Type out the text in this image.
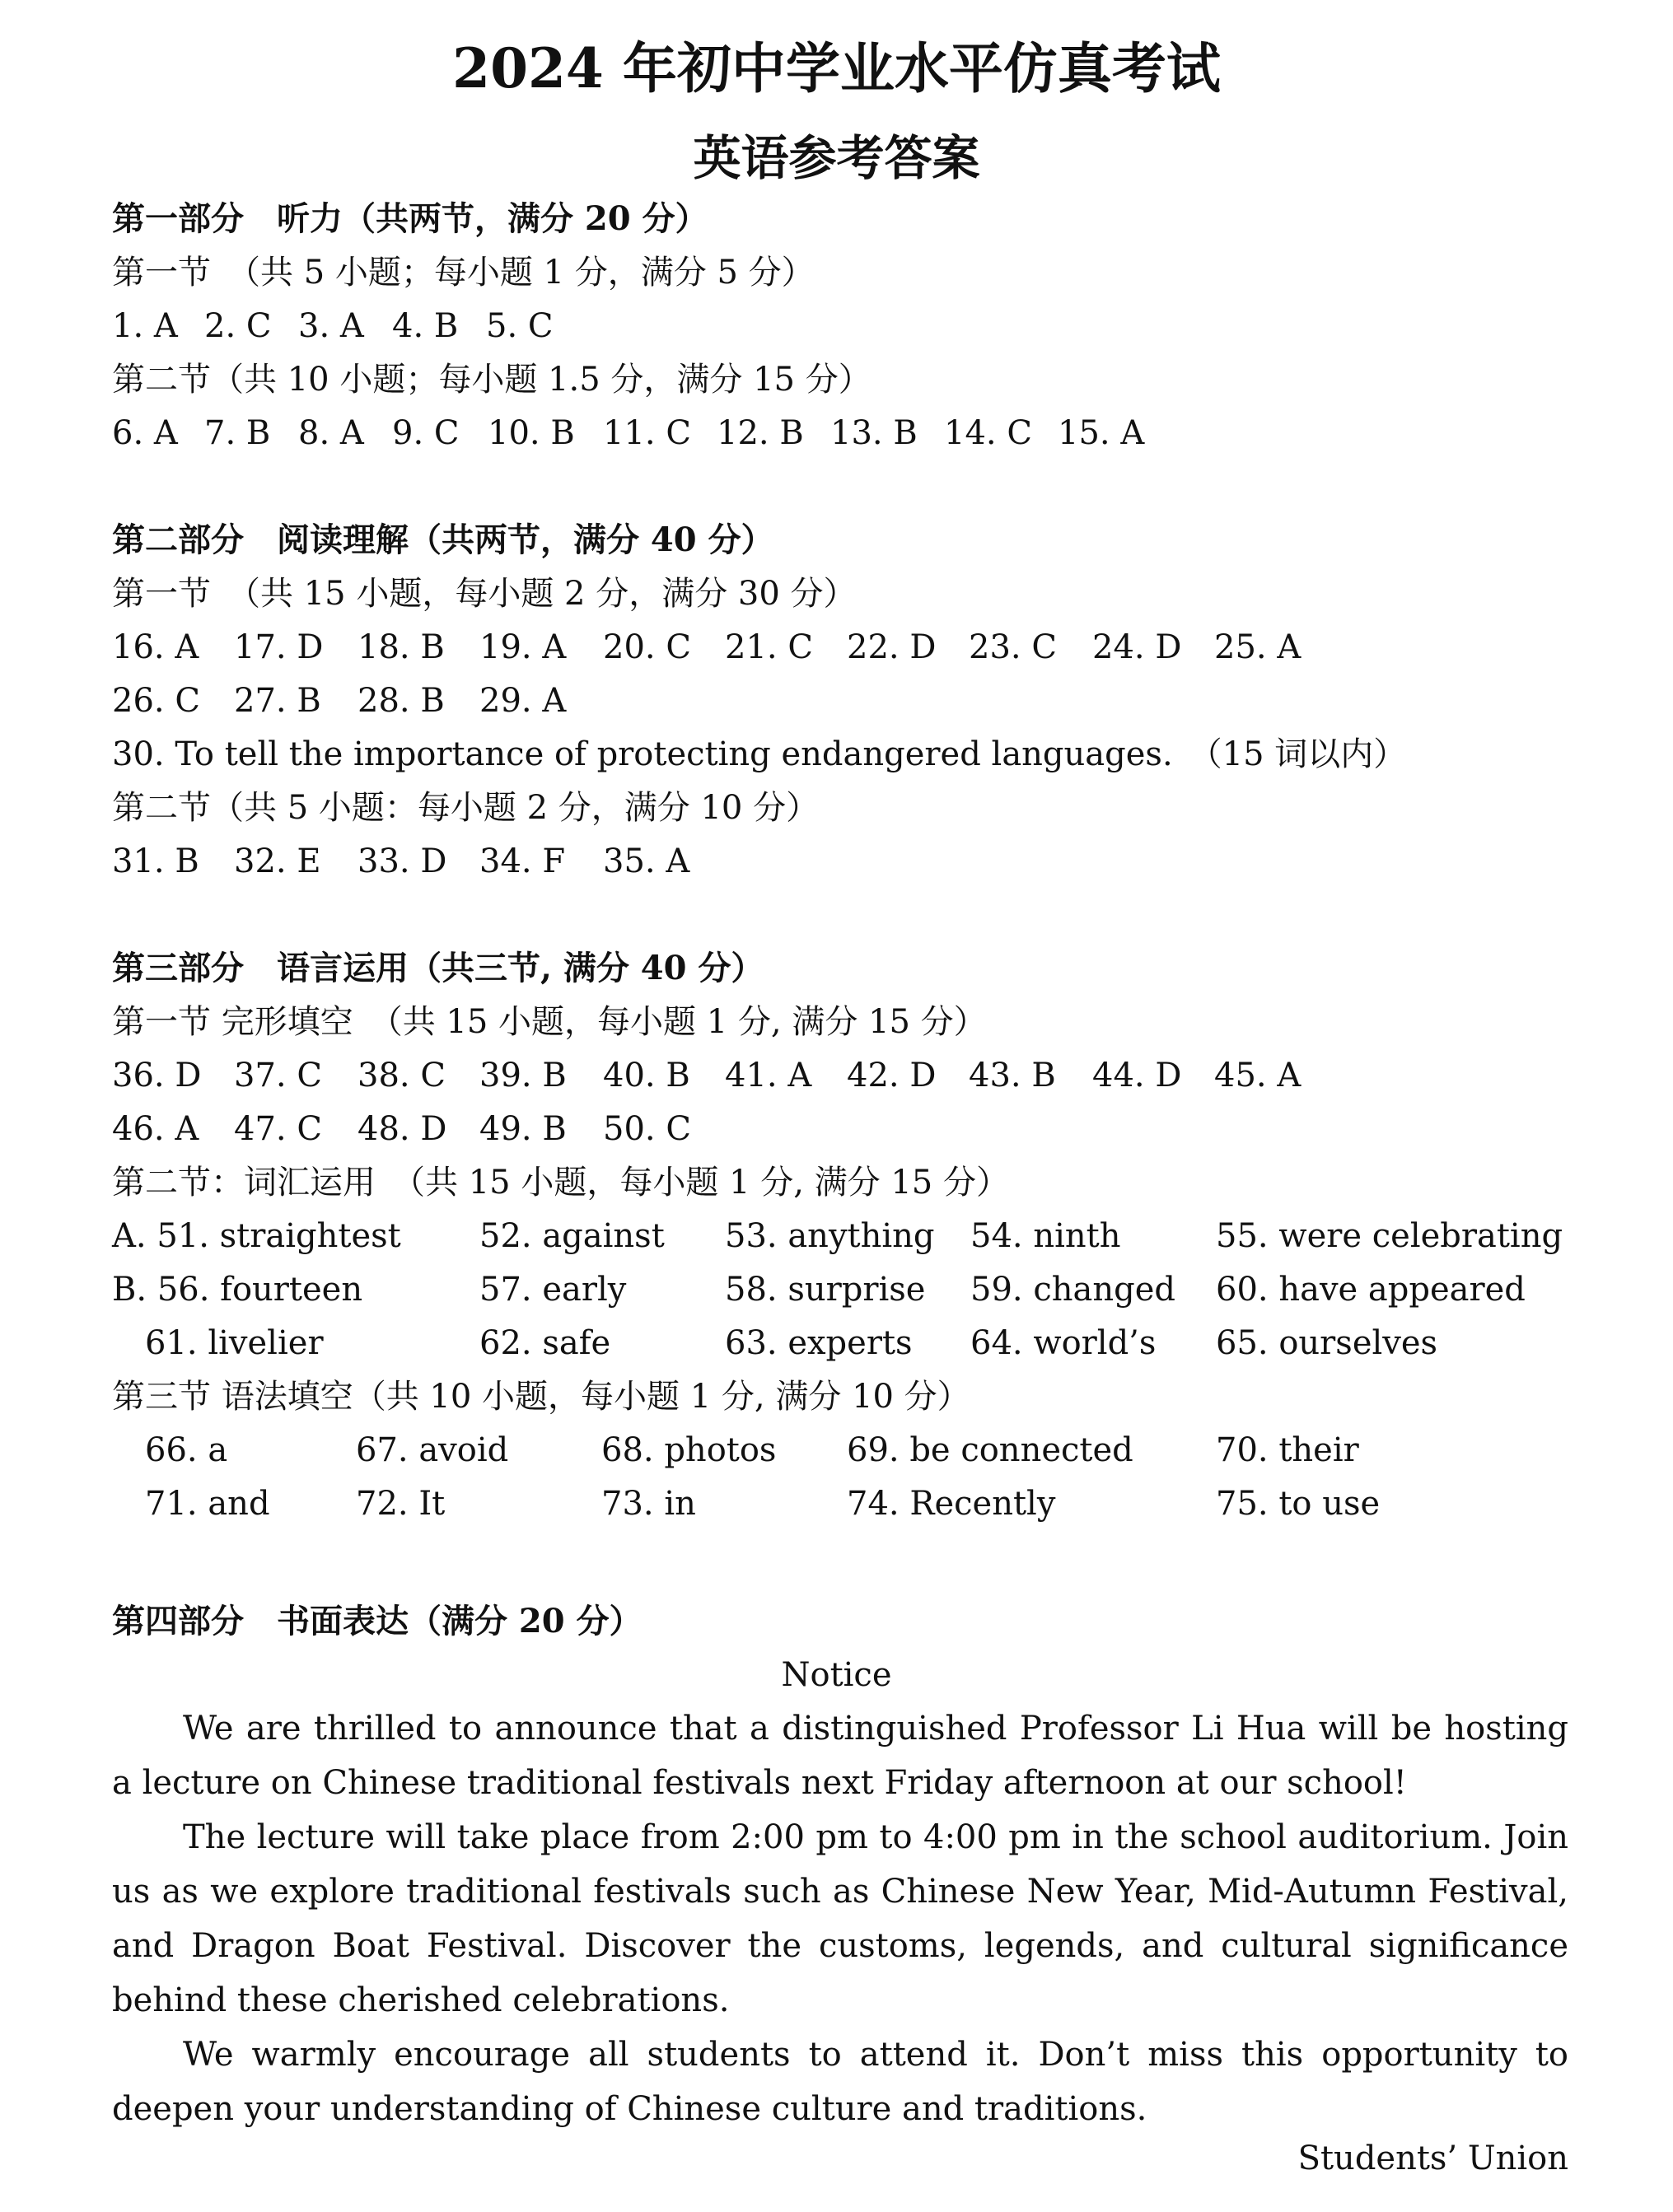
2024 年初中学业水平仿真考试
英语参考答案
第一部分　听力（共两节，满分 20 分）
第一节　（共 5 小题；每小题 1 分，满分 5 分）
1. A 2. C 3. A 4. B 5. C
第二节（共 10 小题；每小题 1.5 分，满分 15 分）
6. A 7. B 8. A 9. C 10. B 11. C 12. B 13. B 14. C 15. A
第二部分　阅读理解（共两节，满分 40 分）
第一节　（共 15 小题，每小题 2 分，满分 30 分）
16. A 17. D 18. B 19. A 20. C 21. C 22. D 23. C 24. D 25. A
26. C 27. B 28. B 29. A
30. To tell the importance of protecting endangered languages.　（15 词以内）
第二节（共 5 小题：每小题 2 分，满分 10 分）
31. B 32. E 33. D 34. F 35. A
第三部分　语言运用（共三节, 满分 40 分）
第一节 完形填空　（共 15 小题，每小题 1 分, 满分 15 分）
36. D 37. C 38. C 39. B 40. B 41. A 42. D 43. B 44. D 45. A
46. A 47. C 48. D 49. B 50. C
第二节：词汇运用　（共 15 小题，每小题 1 分, 满分 15 分）
A. 51. straightest 52. against 53. anything 54. ninth	55. were celebrating
B. 56. fourteen	57. early	58. surprise 59. changed 60. have appeared
61. livelier	62. safe	63. experts 64. world’s 65. ourselves
第三节 语法填空（共 10 小题，每小题 1 分, 满分 10 分）
66. a	67. avoid	68. photos 69. be connected	70. their
71. and	72. It	73. in	74. Recently	75. to use
第四部分　书面表达（满分 20 分）
Notice
We are thrilled to announce that a distinguished Professor Li Hua will be hosting a lecture on Chinese traditional festivals next Friday afternoon at our school!
The lecture will take place from 2:00 pm to 4:00 pm in the school auditorium. Join us as we explore traditional festivals such as Chinese New Year, Mid-Autumn Festival, and Dragon Boat Festival. Discover the customs, legends, and cultural significance behind these cherished celebrations.
We warmly encourage all students to attend it. Don’t miss this opportunity to deepen your understanding of Chinese culture and traditions.
Students’ Union
